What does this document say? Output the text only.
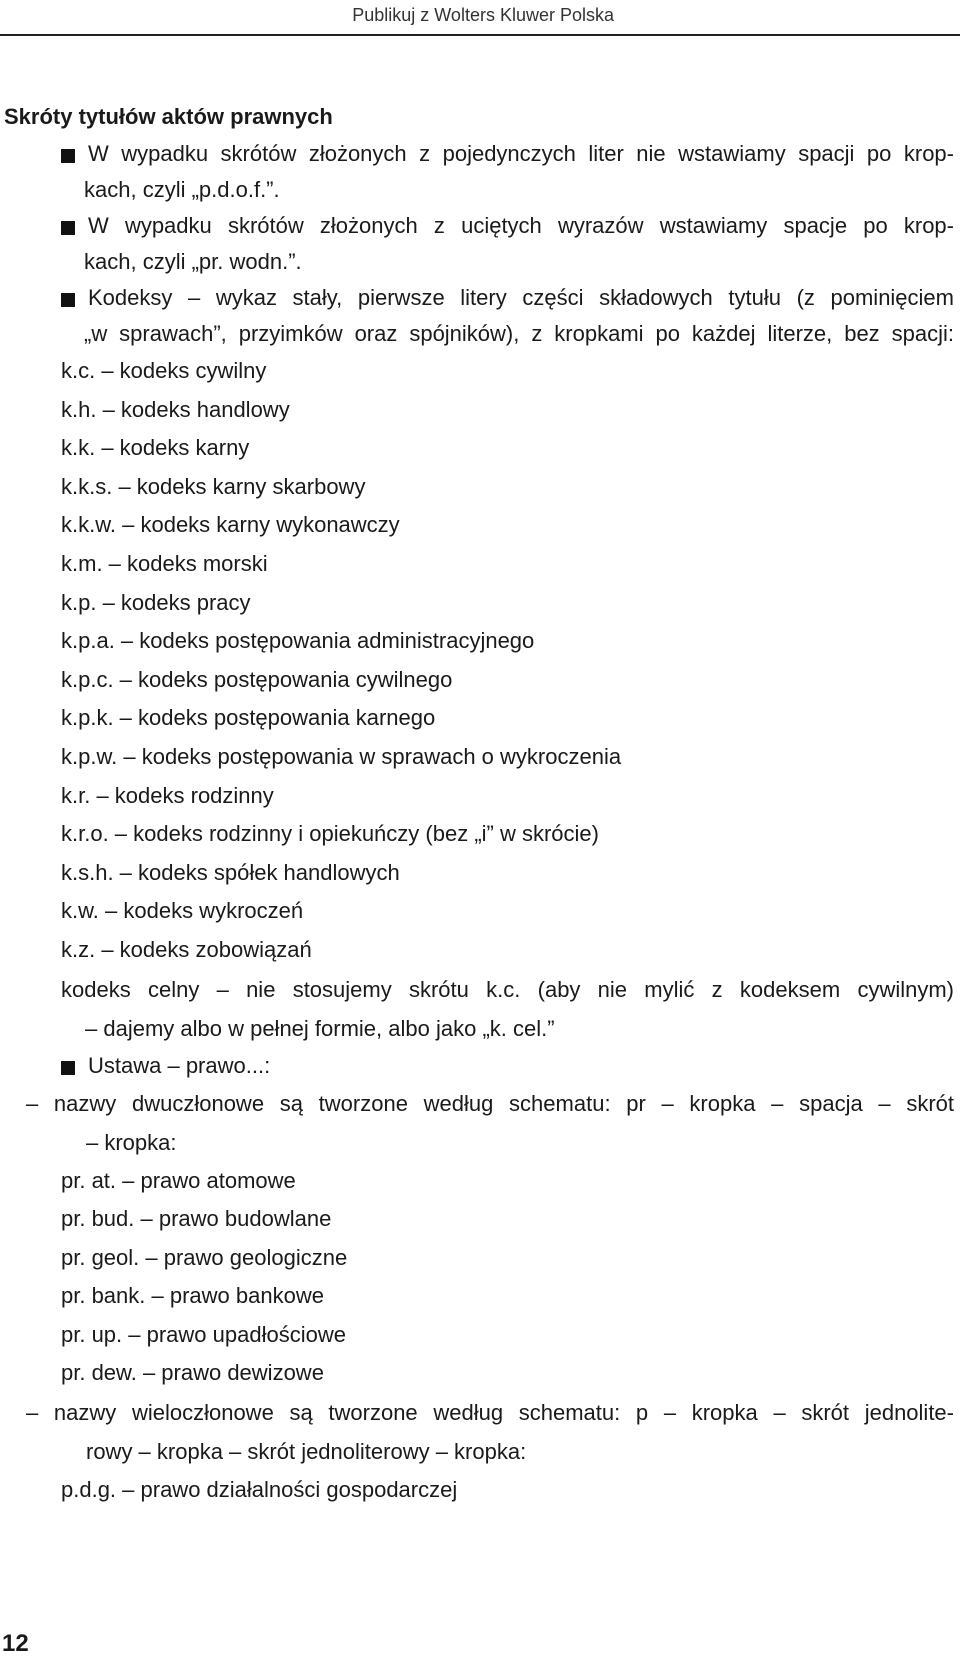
Publikuj z Wolters Kluwer Polska
Skróty tytułów aktów prawnych
W wypadku skrótów złożonych z pojedynczych liter nie wstawiamy spacji po krop-
kach, czyli „p.d.o.f.”.
W wypadku skrótów złożonych z uciętych wyrazów wstawiamy spacje po krop-
kach, czyli „pr. wodn.”.
Kodeksy – wykaz stały, pierwsze litery części składowych tytułu (z pominięciem
„w sprawach”, przyimków oraz spójników), z kropkami po każdej literze, bez spacji:
k.c. – kodeks cywilny
k.h. – kodeks handlowy
k.k. – kodeks karny
k.k.s. – kodeks karny skarbowy
k.k.w. – kodeks karny wykonawczy
k.m. – kodeks morski
k.p. – kodeks pracy
k.p.a. – kodeks postępowania administracyjnego
k.p.c. – kodeks postępowania cywilnego
k.p.k. – kodeks postępowania karnego
k.p.w. – kodeks postępowania w sprawach o wykroczenia
k.r. – kodeks rodzinny
k.r.o. – kodeks rodzinny i opiekuńczy (bez „i” w skrócie)
k.s.h. – kodeks spółek handlowych
k.w. – kodeks wykroczeń
k.z. – kodeks zobowiązań
kodeks celny – nie stosujemy skrótu k.c. (aby nie mylić z kodeksem cywilnym)
– dajemy albo w pełnej formie, albo jako „k. cel.”
Ustawa – prawo...:
– nazwy dwuczłonowe są tworzone według schematu: pr – kropka – spacja – skrót
– kropka:
pr. at. – prawo atomowe
pr. bud. – prawo budowlane
pr. geol. – prawo geologiczne
pr. bank. – prawo bankowe
pr. up. – prawo upadłościowe
pr. dew. – prawo dewizowe
– nazwy wieloczłonowe są tworzone według schematu: p – kropka – skrót jednolite-
rowy – kropka – skrót jednoliterowy – kropka:
p.d.g. – prawo działalności gospodarczej
12
